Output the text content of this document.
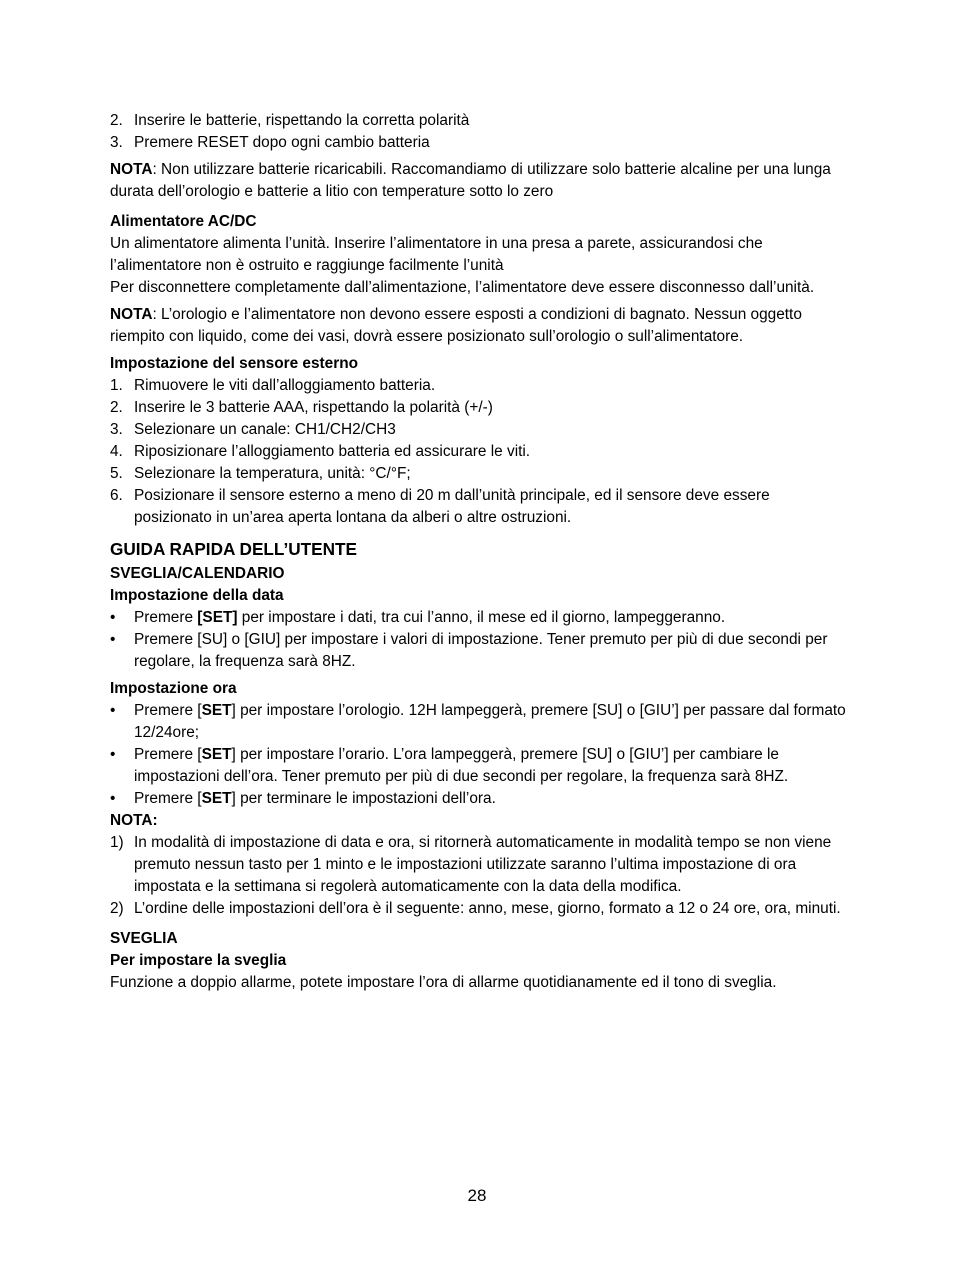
2. Inserire le batterie, rispettando la corretta polarità
3. Premere RESET dopo ogni cambio batteria

NOTA: Non utilizzare batterie ricaricabili. Raccomandiamo di utilizzare solo batterie alcaline per una lunga durata dell’orologio e batterie a litio con temperature sotto lo zero

Alimentatore AC/DC

Un alimentatore alimenta l’unità. Inserire l’alimentatore in una presa a parete, assicurandosi che l’alimentatore non è ostruito e raggiunge facilmente l’unità

Per disconnettere completamente dall’alimentazione, l’alimentatore deve essere disconnesso dall’unità.

NOTA: L’orologio e l’alimentatore non devono essere esposti a condizioni di bagnato. Nessun oggetto riempito con liquido, come dei vasi, dovrà essere posizionato sull’orologio o sull’alimentatore.

Impostazione del sensore esterno

1. Rimuovere le viti dall’alloggiamento batteria.
2. Inserire le 3 batterie AAA, rispettando la polarità (+/-)
3. Selezionare un canale: CH1/CH2/CH3
4. Riposizionare l’alloggiamento batteria ed assicurare le viti.
5. Selezionare la temperatura, unità: °C/°F;
6. Posizionare il sensore esterno a meno di 20 m dall’unità principale, ed il sensore deve essere posizionato in un’area aperta lontana da alberi o altre ostruzioni.

GUIDA RAPIDA DELL’UTENTE

SVEGLIA/CALENDARIO

Impostazione della data

• Premere [SET] per impostare i dati, tra cui l’anno, il mese ed il giorno, lampeggeranno.
• Premere [SU] o [GIU] per impostare i valori di impostazione. Tener premuto per più di due secondi per regolare, la frequenza sarà 8HZ.

Impostazione ora

• Premere [SET] per impostare l’orologio. 12H lampeggerà, premere [SU] o [GIU’] per passare dal formato 12/24ore;
• Premere [SET] per impostare l’orario. L’ora lampeggerà, premere [SU] o [GIU’] per cambiare le impostazioni dell’ora. Tener premuto per più di due secondi per regolare, la frequenza sarà 8HZ.
• Premere [SET] per terminare le impostazioni dell’ora.

NOTA:

1) In modalità di impostazione di data e ora, si ritornerà automaticamente in modalità tempo se non viene premuto nessun tasto per 1 minto e le impostazioni utilizzate saranno l’ultima impostazione di ora impostata e la settimana si regolerà automaticamente con la data della modifica.
2) L’ordine delle impostazioni dell’ora è il seguente: anno, mese, giorno, formato a 12 o 24 ore, ora, minuti.

SVEGLIA

Per impostare la sveglia

Funzione a doppio allarme, potete impostare l’ora di allarme quotidianamente ed il tono di sveglia.

28
